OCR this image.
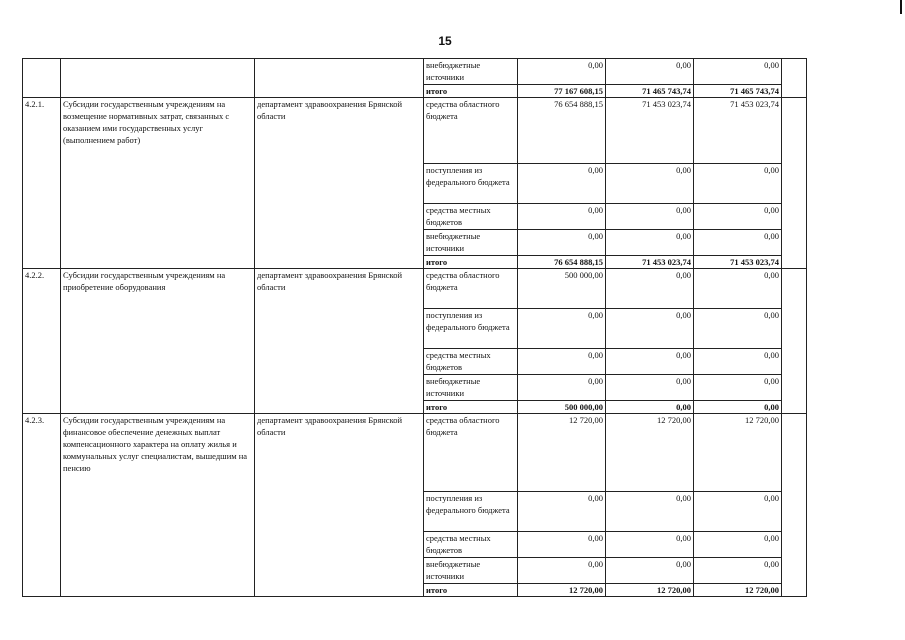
15
			внебюджетные источники	0,00	0,00	0,00	
			итого	77 167 608,15	71 465 743,74	71 465 743,74	
4.2.1.	Субсидии государственным учреждениям на возмещение нормативных затрат, связанных с оказанием ими государственных услуг (выполнением работ)	департамент здравоохранения Брянской области	средства областного бюджета	76 654 888,15	71 453 023,74	71 453 023,74	
			поступления из федерального бюджета	0,00	0,00	0,00	
			средства местных бюджетов	0,00	0,00	0,00	
			внебюджетные источники	0,00	0,00	0,00	
			итого	76 654 888,15	71 453 023,74	71 453 023,74	
4.2.2.	Субсидии государственным учреждениям на приобретение оборудования	департамент здравоохранения Брянской области	средства областного бюджета	500 000,00	0,00	0,00	
			поступления из федерального бюджета	0,00	0,00	0,00	
			средства местных бюджетов	0,00	0,00	0,00	
			внебюджетные источники	0,00	0,00	0,00	
			итого	500 000,00	0,00	0,00	
4.2.3.	Субсидии государственным учреждениям на финансовое обеспечение денежных выплат компенсационного характера на оплату жилья и коммунальных услуг специалистам, вышедшим на пенсию	департамент здравоохранения Брянской области	средства областного бюджета	12 720,00	12 720,00	12 720,00	
			поступления из федерального бюджета	0,00	0,00	0,00	
			средства местных бюджетов	0,00	0,00	0,00	
			внебюджетные источники	0,00	0,00	0,00	
			итого	12 720,00	12 720,00	12 720,00	
